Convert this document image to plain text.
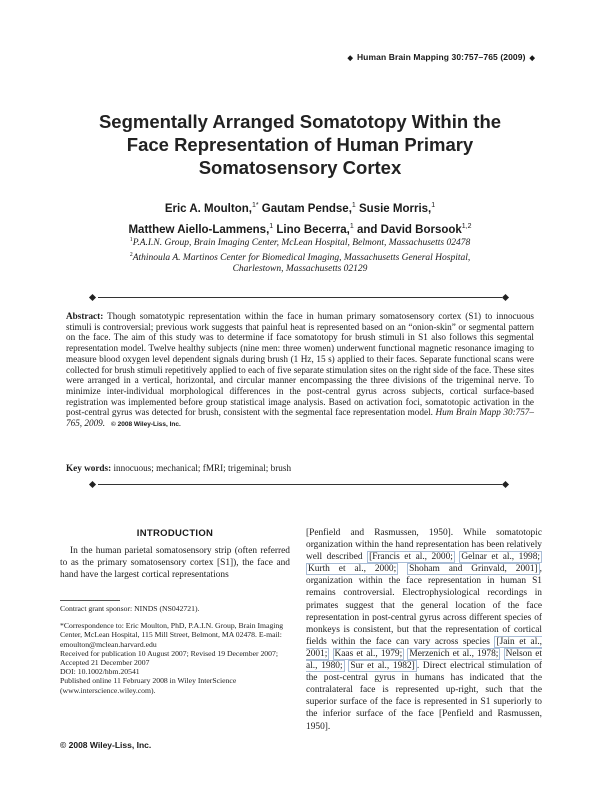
◆ Human Brain Mapping 30:757–765 (2009) ◆
Segmentally Arranged Somatotopy Within the
Face Representation of Human Primary
Somatosensory Cortex
Eric A. Moulton,$^{1*}$ Gautam Pendse,$^1$ Susie Morris,$^1$
Matthew Aiello-Lammens,$^1$ Lino Becerra,$^1$ and David Borsook$^{1,2}$
$^1$P.A.I.N. Group, Brain Imaging Center, McLean Hospital, Belmont, Massachusetts 02478
$^2$Athinoula A. Martinos Center for Biomedical Imaging, Massachusetts General Hospital,
Charlestown, Massachusetts 02129
Abstract: Though somatotypic representation within the face in human primary somatosensory cortex (S1) to innocuous stimuli is controversial; previous work suggests that painful heat is represented based on an “onion-skin” or segmental pattern on the face. The aim of this study was to determine if face somatotopy for brush stimuli in S1 also follows this segmental representation model. Twelve healthy subjects (nine men: three women) underwent functional magnetic resonance imaging to measure blood oxygen level dependent signals during brush (1 Hz, 15 s) applied to their faces. Separate functional scans were collected for brush stimuli repetitively applied to each of five separate stimulation sites on the right side of the face. These sites were arranged in a vertical, horizontal, and circular manner encompassing the three divisions of the trigeminal nerve. To minimize inter-individual morphological differences in the post-central gyrus across subjects, cortical surface-based registration was implemented before group statistical image analysis. Based on activation foci, somatotopic activation in the post-central gyrus was detected for brush, consistent with the segmental face representation model. Hum Brain Mapp 30:757–765, 2009. © 2008 Wiley-Liss, Inc.
Key words: innocuous; mechanical; fMRI; trigeminal; brush
INTRODUCTION
In the human parietal somatosensory strip (often referred to as the primary somatosensory cortex [S1]), the face and hand have the largest cortical representations
[Penfield and Rasmussen, 1950]. While somatotopic organization within the hand representation has been relatively well described [Francis et al., 2000; Gelnar et al., 1998; Kurth et al., 2000; Shoham and Grinvald, 2001] , organization within the face representation in human S1 remains controversial. Electrophysiological recordings in primates suggest that the general location of the face representation in post-central gyrus across different species of monkeys is consistent, but that the representation of cortical fields within the face can vary across species [Jain et al., 2001; Kaas et al., 1979; Merzenich et al., 1978; Nelson et al., 1980; Sur et al., 1982] . Direct electrical stimulation of the post-central gyrus in humans has indicated that the contralateral face is represented up-right, such that the superior surface of the face is represented in S1 superiorly to the inferior surface of the face [Penfield and Rasmussen, 1950].

Contract grant sponsor: NINDS (NS042721).

*Correspondence to: Eric Moulton, PhD, P.A.I.N. Group, Brain Imaging Center, McLean Hospital, 115 Mill Street, Belmont, MA 02478. E-mail: emoulton@mclean.harvard.edu

Received for publication 10 August 2007; Revised 19 December 2007; Accepted 21 December 2007

DOI: 10.1002/hbm.20541

Published online 11 February 2008 in Wiley InterScience (www.interscience.wiley.com).

© 2008 Wiley-Liss, Inc.
